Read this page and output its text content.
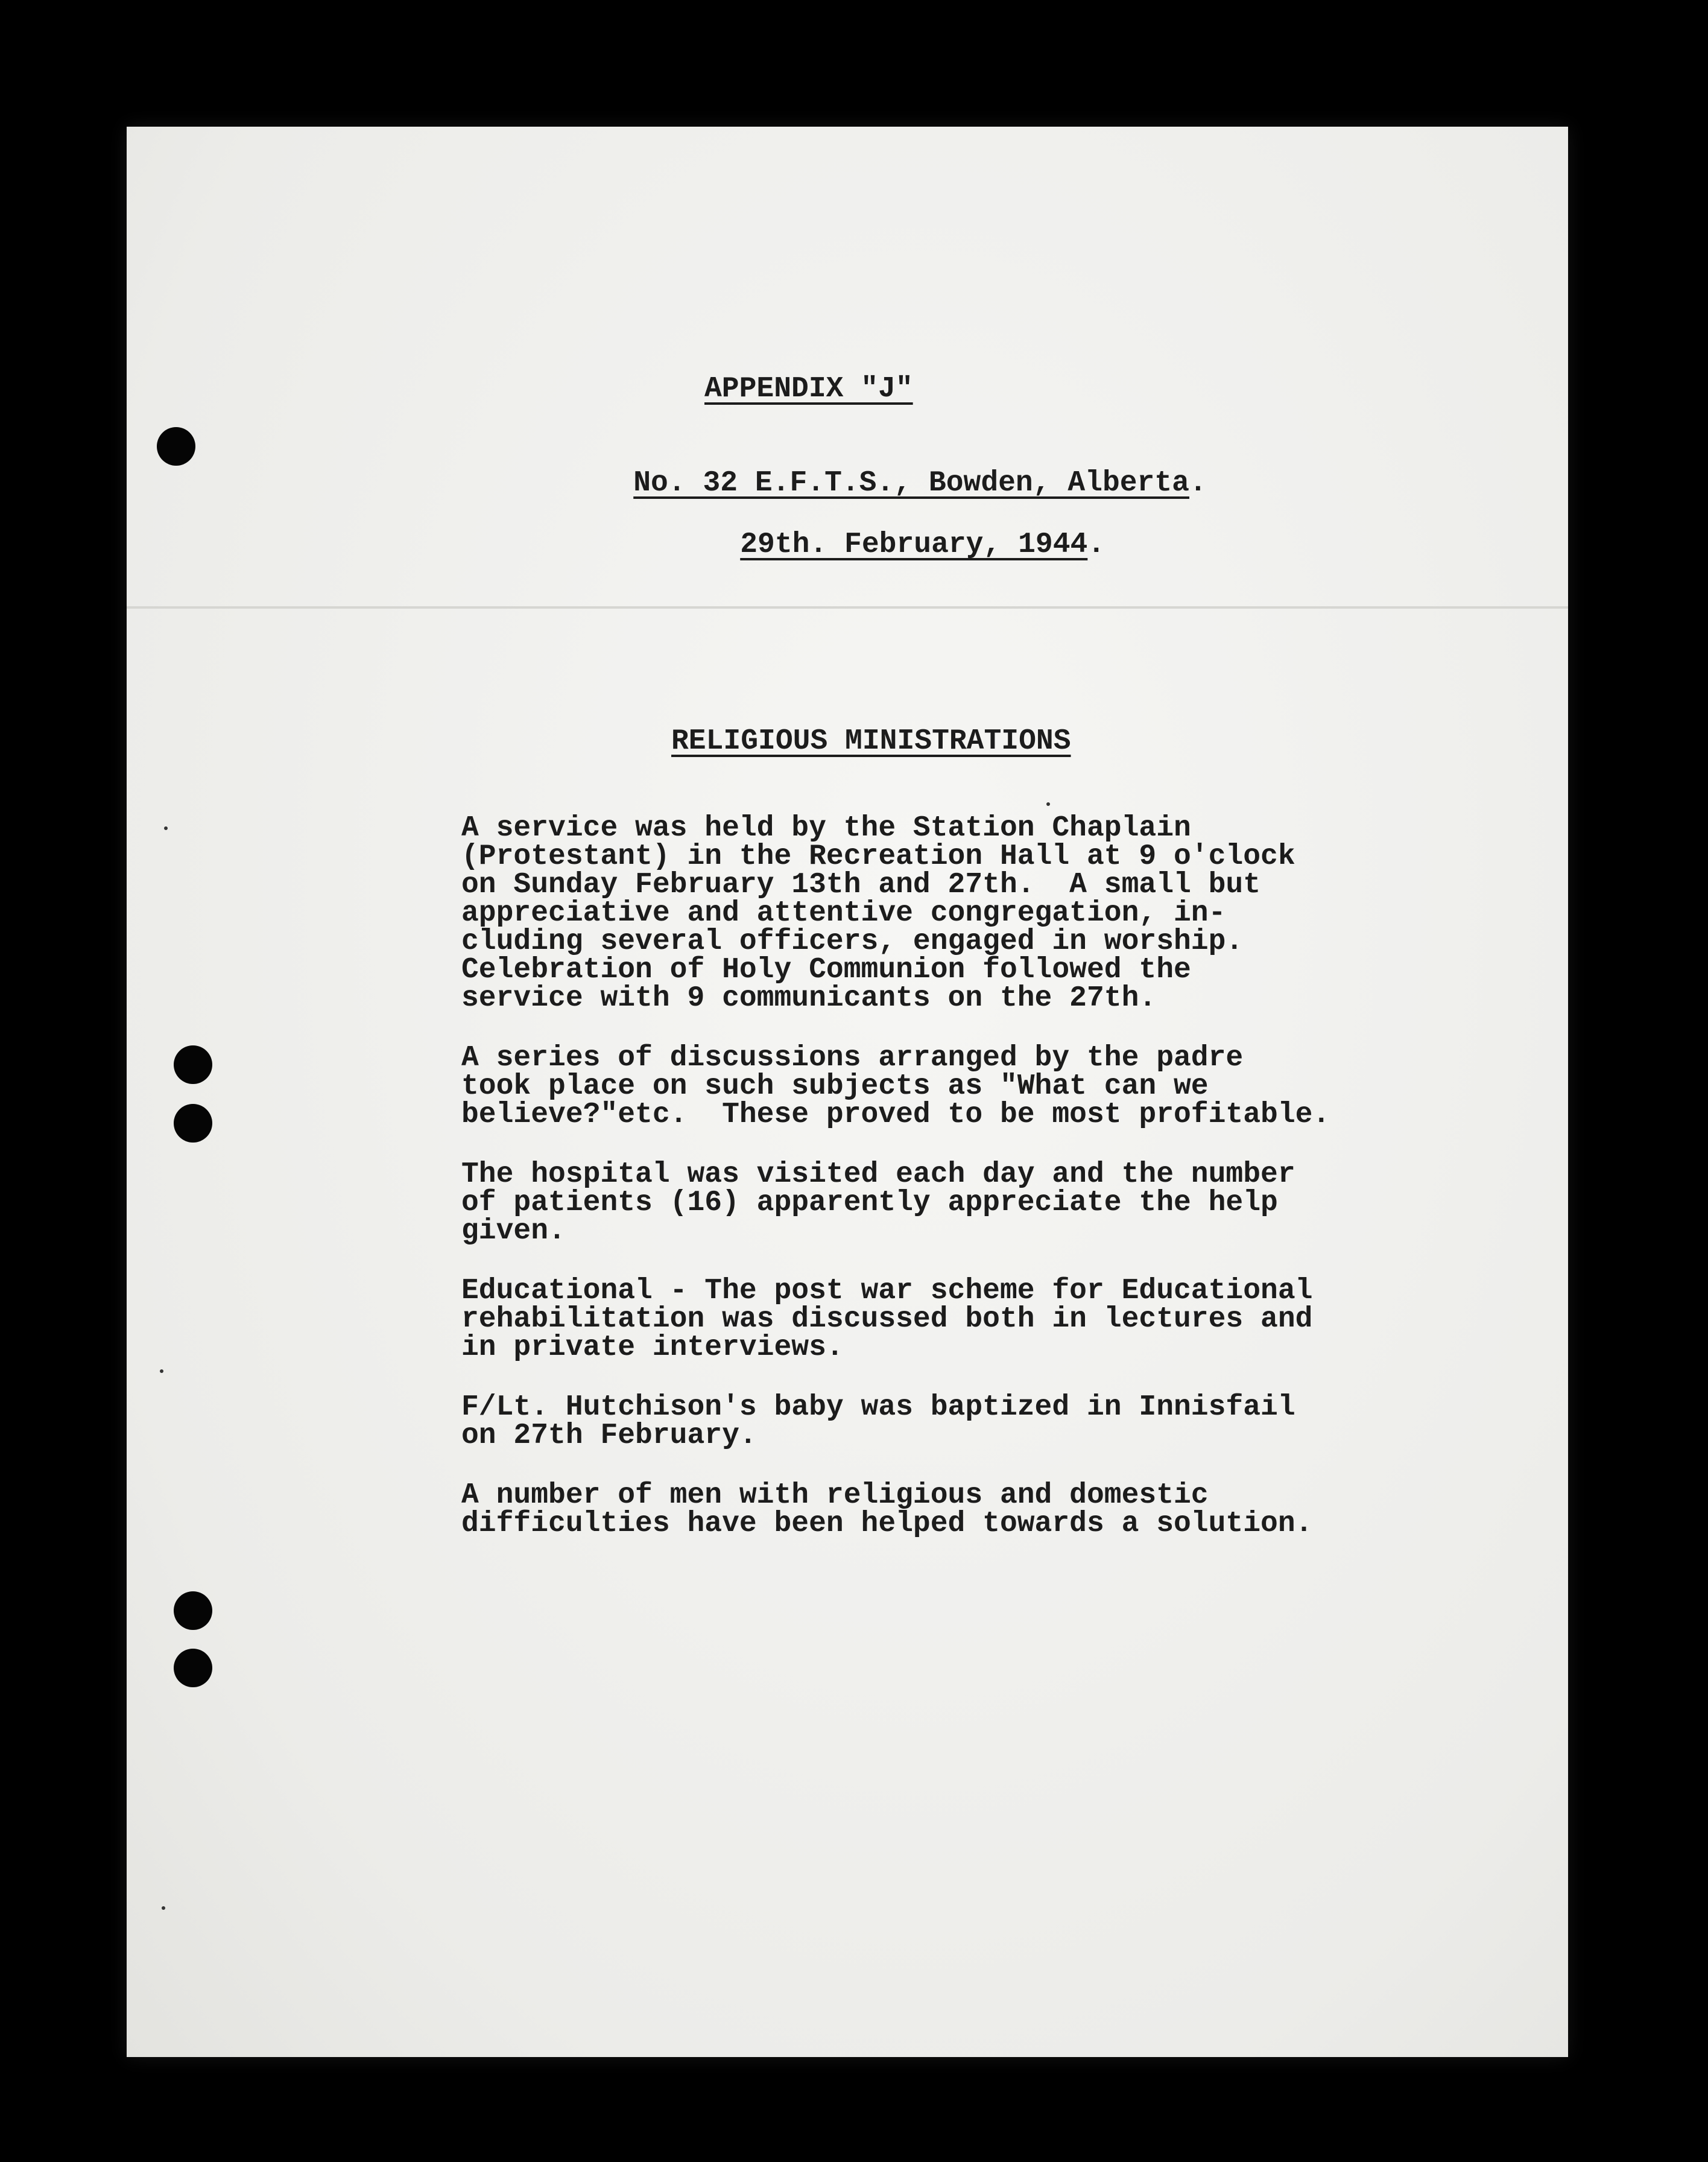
APPENDIX "J"

No. 32 E.F.T.S., Bowden, Alberta.

29th. February, 1944.

RELIGIOUS MINISTRATIONS
A service was held by the Station Chaplain
(Protestant) in the Recreation Hall at 9 o'clock
on Sunday February 13th and 27th.  A small but
appreciative and attentive congregation, in-
cluding several officers, engaged in worship.
Celebration of Holy Communion followed the
service with 9 communicants on the 27th.
A series of discussions arranged by the padre
took place on such subjects as "What can we
believe?"etc.  These proved to be most profitable.
The hospital was visited each day and the number
of patients (16) apparently appreciate the help
given.
Educational - The post war scheme for Educational
rehabilitation was discussed both in lectures and
in private interviews.
F/Lt. Hutchison's baby was baptized in Innisfail
on 27th February.
A number of men with religious and domestic
difficulties have been helped towards a solution.
